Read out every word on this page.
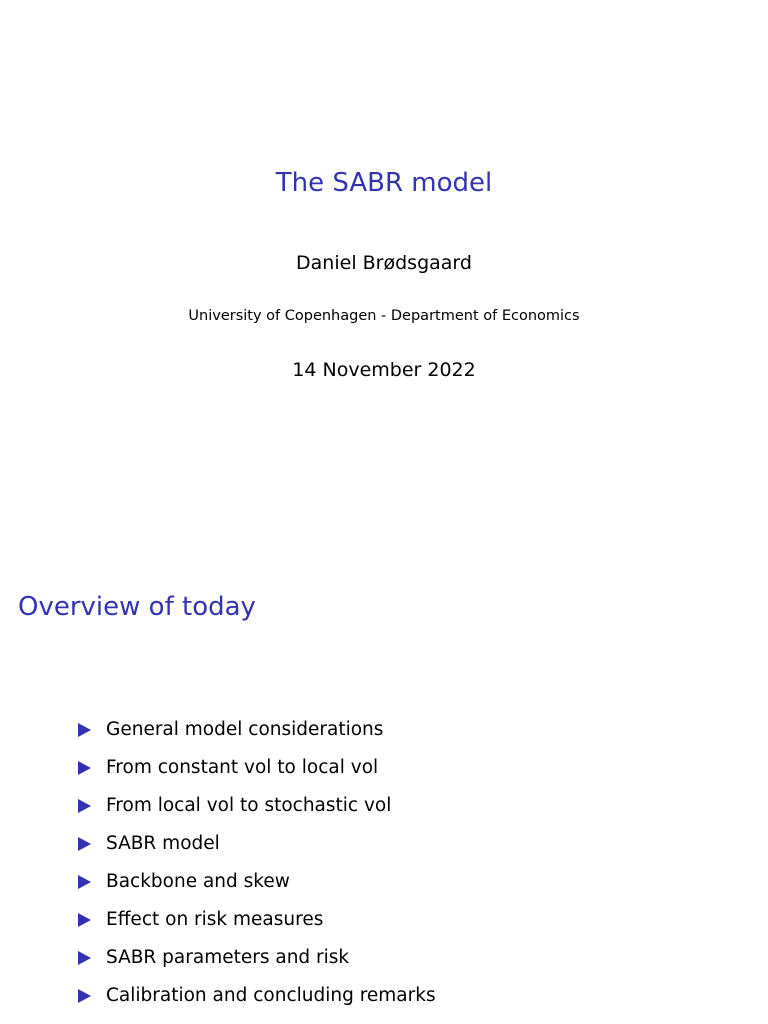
The SABR model
Daniel Brødsgaard
University of Copenhagen - Department of Economics
14 November 2022
Overview of today
General model considerations
From constant vol to local vol
From local vol to stochastic vol
SABR model
Backbone and skew
Effect on risk measures
SABR parameters and risk
Calibration and concluding remarks
